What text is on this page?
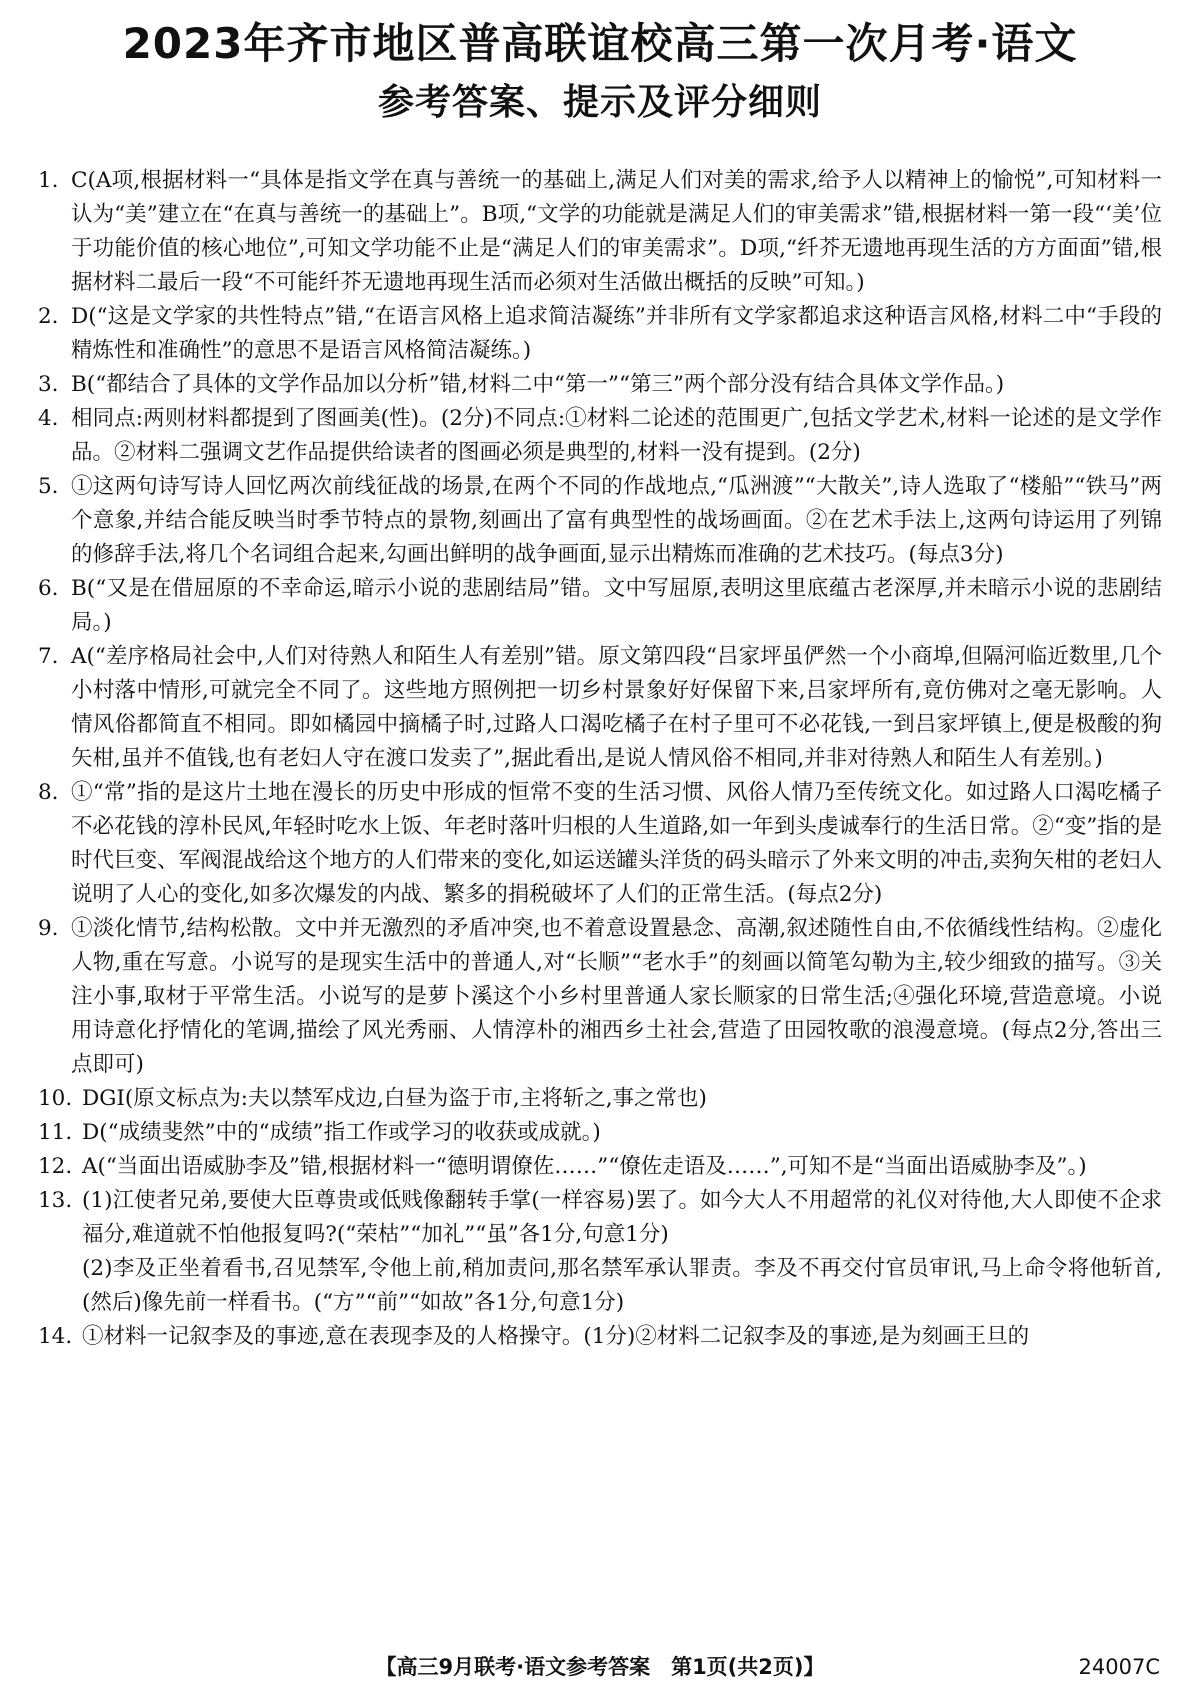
2023年齐市地区普高联谊校高三第一次月考·语文
参考答案、提示及评分细则
1. C(A项,根据材料一“具体是指文学在真与善统一的基础上,满足人们对美的需求,给予人以精神上的愉悦”,可知材料一认为“美”建立在“在真与善统一的基础上”。B项,“文学的功能就是满足人们的审美需求”错,根据材料一第一段“‘美’位于功能价值的核心地位”,可知文学功能不止是“满足人们的审美需求”。D项,“纤芥无遗地再现生活的方方面面”错,根据材料二最后一段“不可能纤芥无遗地再现生活而必须对生活做出概括的反映”可知。)
2. D(“这是文学家的共性特点”错,“在语言风格上追求简洁凝练”并非所有文学家都追求这种语言风格,材料二中“手段的精炼性和准确性”的意思不是语言风格简洁凝练。)
3. B(“都结合了具体的文学作品加以分析”错,材料二中“第一”“第三”两个部分没有结合具体文学作品。)
4. 相同点:两则材料都提到了图画美(性)。(2分)不同点:①材料二论述的范围更广,包括文学艺术,材料一论述的是文学作品。②材料二强调文艺作品提供给读者的图画必须是典型的,材料一没有提到。(2分)
5. ①这两句诗写诗人回忆两次前线征战的场景,在两个不同的作战地点,“瓜洲渡”“大散关”,诗人选取了“楼船”“铁马”两个意象,并结合能反映当时季节特点的景物,刻画出了富有典型性的战场画面。②在艺术手法上,这两句诗运用了列锦的修辞手法,将几个名词组合起来,勾画出鲜明的战争画面,显示出精炼而准确的艺术技巧。(每点3分)
6. B(“又是在借屈原的不幸命运,暗示小说的悲剧结局”错。文中写屈原,表明这里底蕴古老深厚,并未暗示小说的悲剧结局。)
7. A(“差序格局社会中,人们对待熟人和陌生人有差别”错。原文第四段“吕家坪虽俨然一个小商埠,但隔河临近数里,几个小村落中情形,可就完全不同了。这些地方照例把一切乡村景象好好保留下来,吕家坪所有,竟仿佛对之毫无影响。人情风俗都简直不相同。即如橘园中摘橘子时,过路人口渴吃橘子在村子里可不必花钱,一到吕家坪镇上,便是极酸的狗矢柑,虽并不值钱,也有老妇人守在渡口发卖了”,据此看出,是说人情风俗不相同,并非对待熟人和陌生人有差别。)
8. ①“常”指的是这片土地在漫长的历史中形成的恒常不变的生活习惯、风俗人情乃至传统文化。如过路人口渴吃橘子不必花钱的淳朴民风,年轻时吃水上饭、年老时落叶归根的人生道路,如一年到头虔诚奉行的生活日常。②“变”指的是时代巨变、军阀混战给这个地方的人们带来的变化,如运送罐头洋货的码头暗示了外来文明的冲击,卖狗矢柑的老妇人说明了人心的变化,如多次爆发的内战、繁多的捐税破坏了人们的正常生活。(每点2分)
9. ①淡化情节,结构松散。文中并无激烈的矛盾冲突,也不着意设置悬念、高潮,叙述随性自由,不依循线性结构。②虚化人物,重在写意。小说写的是现实生活中的普通人,对“长顺”“老水手”的刻画以简笔勾勒为主,较少细致的描写。③关注小事,取材于平常生活。小说写的是萝卜溪这个小乡村里普通人家长顺家的日常生活;④强化环境,营造意境。小说用诗意化抒情化的笔调,描绘了风光秀丽、人情淳朴的湘西乡土社会,营造了田园牧歌的浪漫意境。(每点2分,答出三点即可)
10. DGI(原文标点为:夫以禁军戍边,白昼为盗于市,主将斩之,事之常也)
11. D(“成绩斐然”中的“成绩”指工作或学习的收获或成就。)
12. A(“当面出语威胁李及”错,根据材料一“德明谓僚佐……”“僚佐走语及……”,可知不是“当面出语威胁李及”。)
13. (1)江使者兄弟,要使大臣尊贵或低贱像翻转手掌(一样容易)罢了。如今大人不用超常的礼仪对待他,大人即使不企求福分,难道就不怕他报复吗?(“荣枯”“加礼”“虽”各1分,句意1分)
(2)李及正坐着看书,召见禁军,令他上前,稍加责问,那名禁军承认罪责。李及不再交付官员审讯,马上命令将他斩首,(然后)像先前一样看书。(“方”“前”“如故”各1分,句意1分)
14. ①材料一记叙李及的事迹,意在表现李及的人格操守。(1分)②材料二记叙李及的事迹,是为刻画王旦的
【高三9月联考·语文参考答案　第1页(共2页)】	24007C
